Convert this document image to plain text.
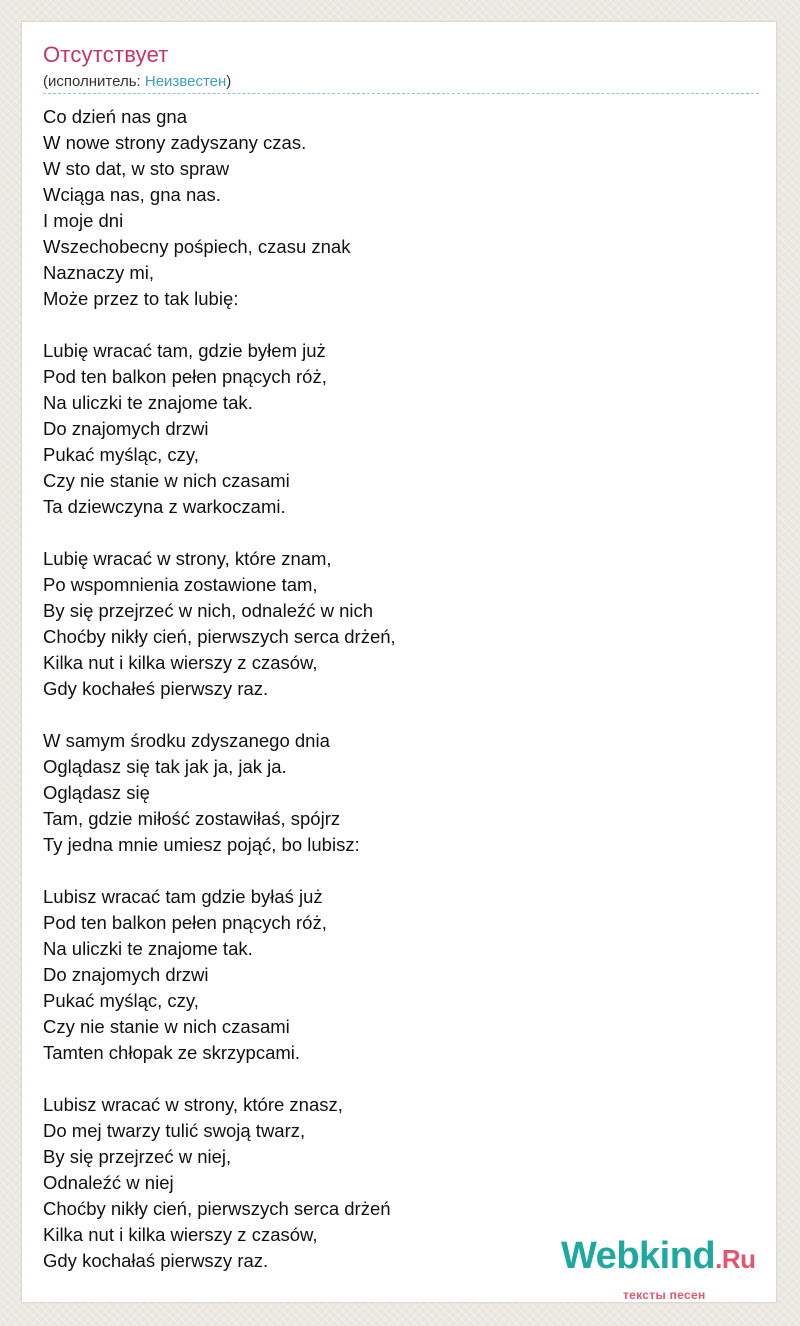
Отсутствует
(исполнитель: Неизвестен)
Co dzień nas gna
W nowe strony zadyszany czas.
W sto dat, w sto spraw
Wciąga nas, gna nas.
I moje dni
Wszechobecny pośpiech, czasu znak
Naznaczy mi,
Może przez to tak lubię:
Lubię wracać tam, gdzie byłem już
Pod ten balkon pełen pnących róż,
Na uliczki te znajome tak.
Do znajomych drzwi
Pukać myśląc, czy,
Czy nie stanie w nich czasami
Ta dziewczyna z warkoczami.
Lubię wracać w strony, które znam,
Po wspomnienia zostawione tam,
By się przejrzeć w nich, odnaleźć w nich
Choćby nikły cień, pierwszych serca drżeń,
Kilka nut i kilka wierszy z czasów,
Gdy kochałeś pierwszy raz.
W samym środku zdyszanego dnia
Oglądasz się tak jak ja, jak ja.
Oglądasz się
Tam, gdzie miłość zostawiłaś, spójrz
Ty jedna mnie umiesz pojąć, bo lubisz:
Lubisz wracać tam gdzie byłaś już
Pod ten balkon pełen pnących róż,
Na uliczki te znajome tak.
Do znajomych drzwi
Pukać myśląc, czy,
Czy nie stanie w nich czasami
Tamten chłopak ze skrzypcami.
Lubisz wracać w strony, które znasz,
Do mej twarzy tulić swoją twarz,
By się przejrzeć w niej,
Odnaleźć w niej
Choćby nikły cień, pierwszych serca drżeń
Kilka nut i kilka wierszy z czasów,
Gdy kochałaś pierwszy raz.	Webkind.Ru
тексты песен
